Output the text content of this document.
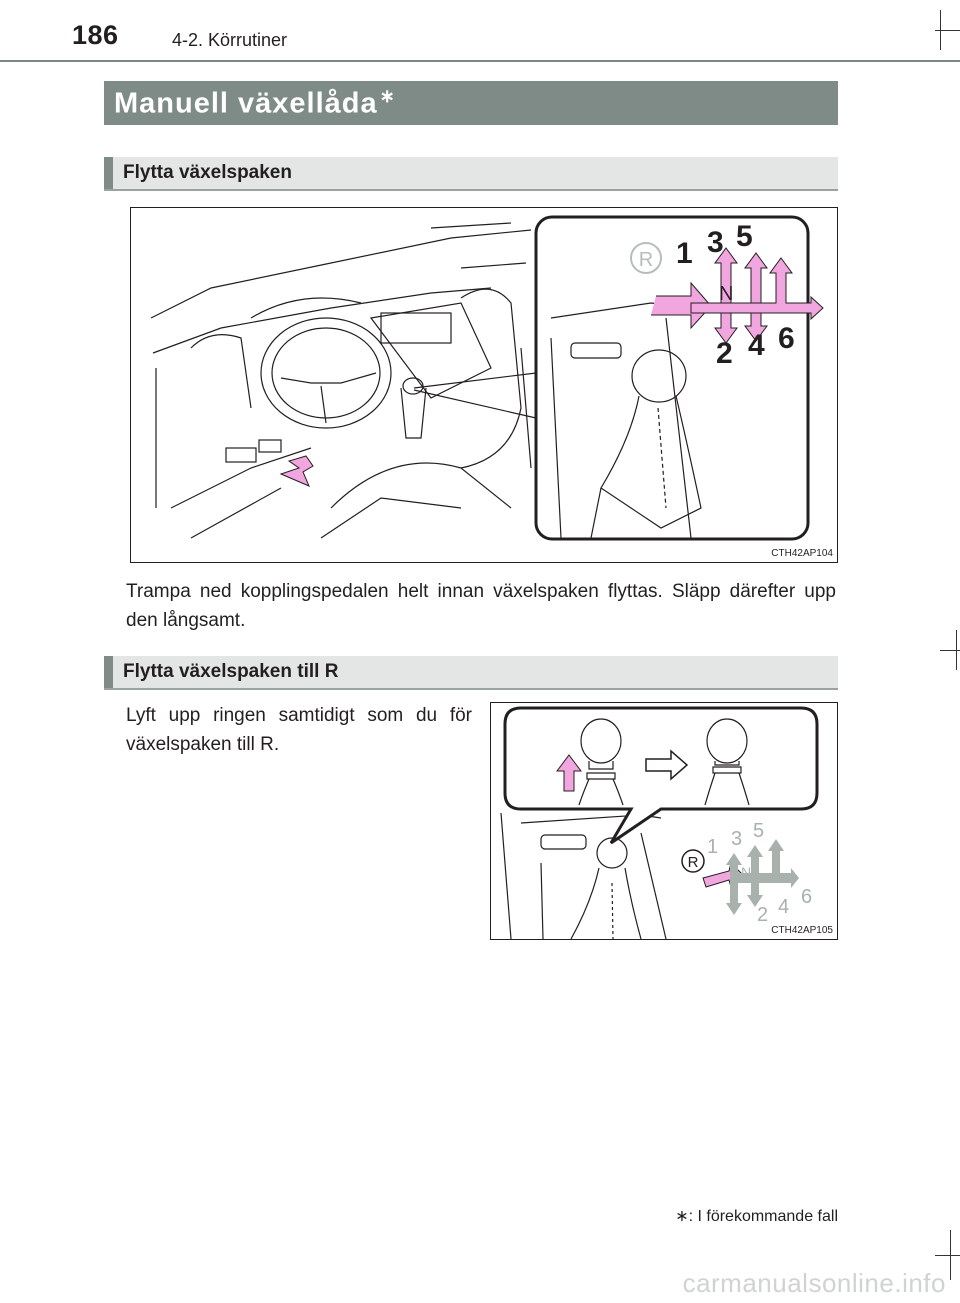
186	4-2. Körrutiner
Manuell växellåda ∗
Flytta växelspaken
R 1 3 5
N
2 4 6
CTH42AP104
Trampa ned kopplingspedalen helt innan växelspaken flyttas. Släpp därefter upp den långsamt.
Flytta växelspaken till R
Lyft upp ringen samtidigt som du för växelspaken till R.
R
1 3 5
N
2 4 6
CTH42AP105
∗: I förekommande fall
carmanualsonline.info
